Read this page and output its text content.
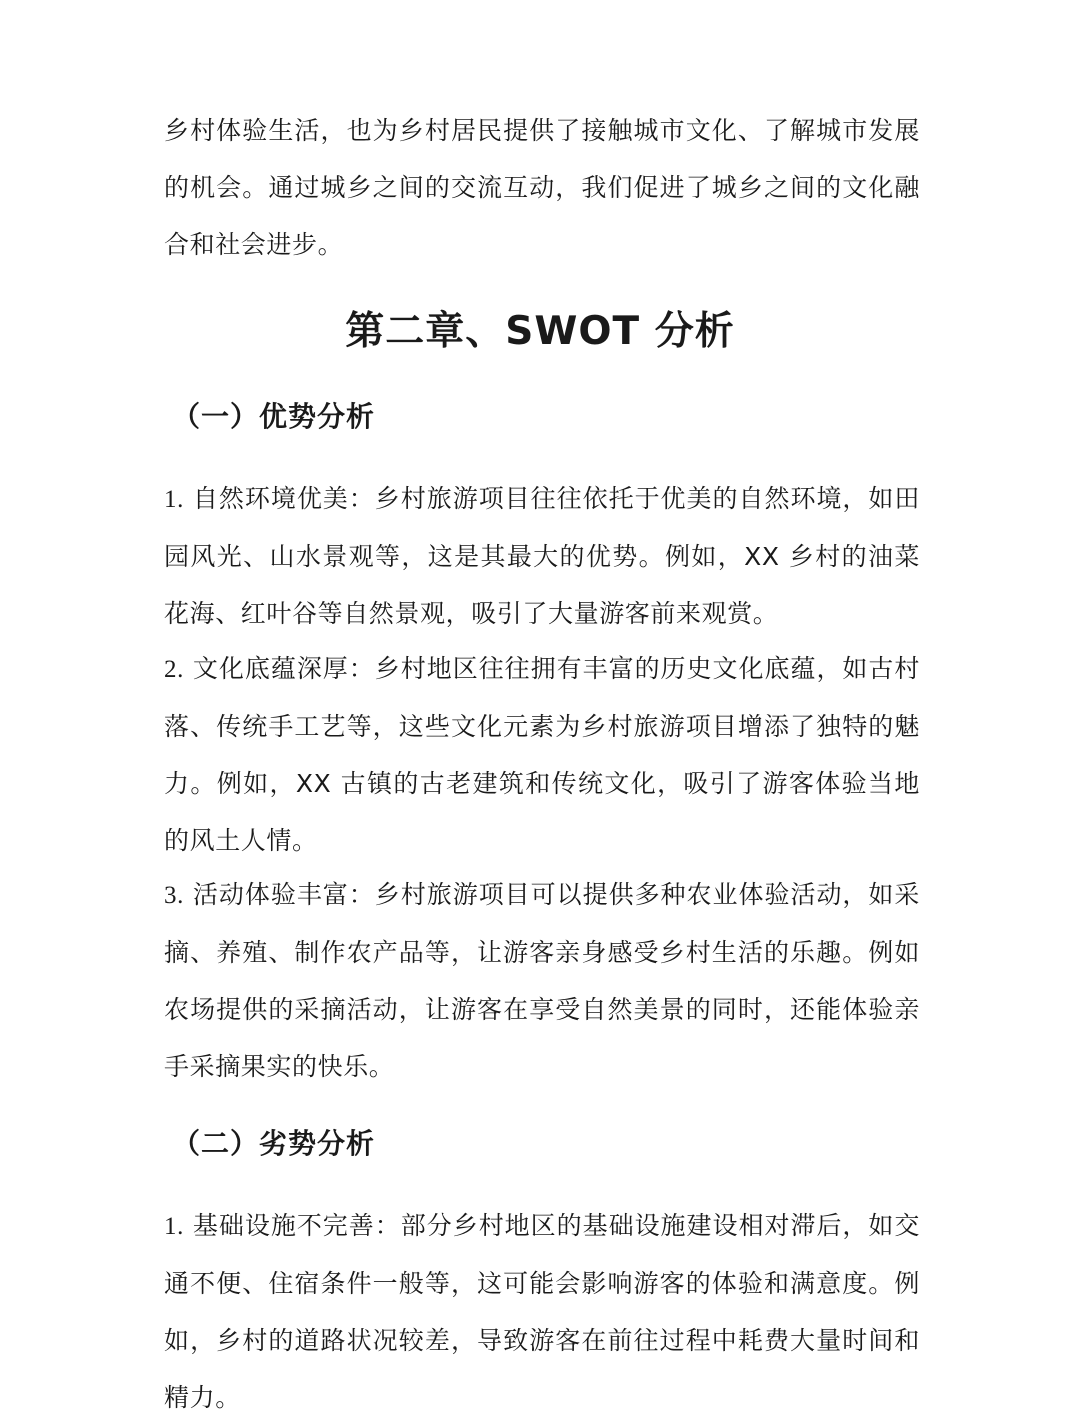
乡村体验生活，也为乡村居民提供了接触城市文化、了解城市发展的机会。通过城乡之间的交流互动，我们促进了城乡之间的文化融合和社会进步。

第二章、SWOT 分析
（一）优势分析

1. 自然环境优美：乡村旅游项目往往依托于优美的自然环境，如田园风光、山水景观等，这是其最大的优势。例如，XX 乡村的油菜花海、红叶谷等自然景观，吸引了大量游客前来观赏。

2. 文化底蕴深厚：乡村地区往往拥有丰富的历史文化底蕴，如古村落、传统手工艺等，这些文化元素为乡村旅游项目增添了独特的魅力。例如，XX 古镇的古老建筑和传统文化，吸引了游客体验当地的风土人情。

3. 活动体验丰富：乡村旅游项目可以提供多种农业体验活动，如采摘、养殖、制作农产品等，让游客亲身感受乡村生活的乐趣。例如农场提供的采摘活动，让游客在享受自然美景的同时，还能体验亲手采摘果实的快乐。

（二）劣势分析

1. 基础设施不完善：部分乡村地区的基础设施建设相对滞后，如交通不便、住宿条件一般等，这可能会影响游客的体验和满意度。例如，乡村的道路状况较差，导致游客在前往过程中耗费大量时间和精力。
